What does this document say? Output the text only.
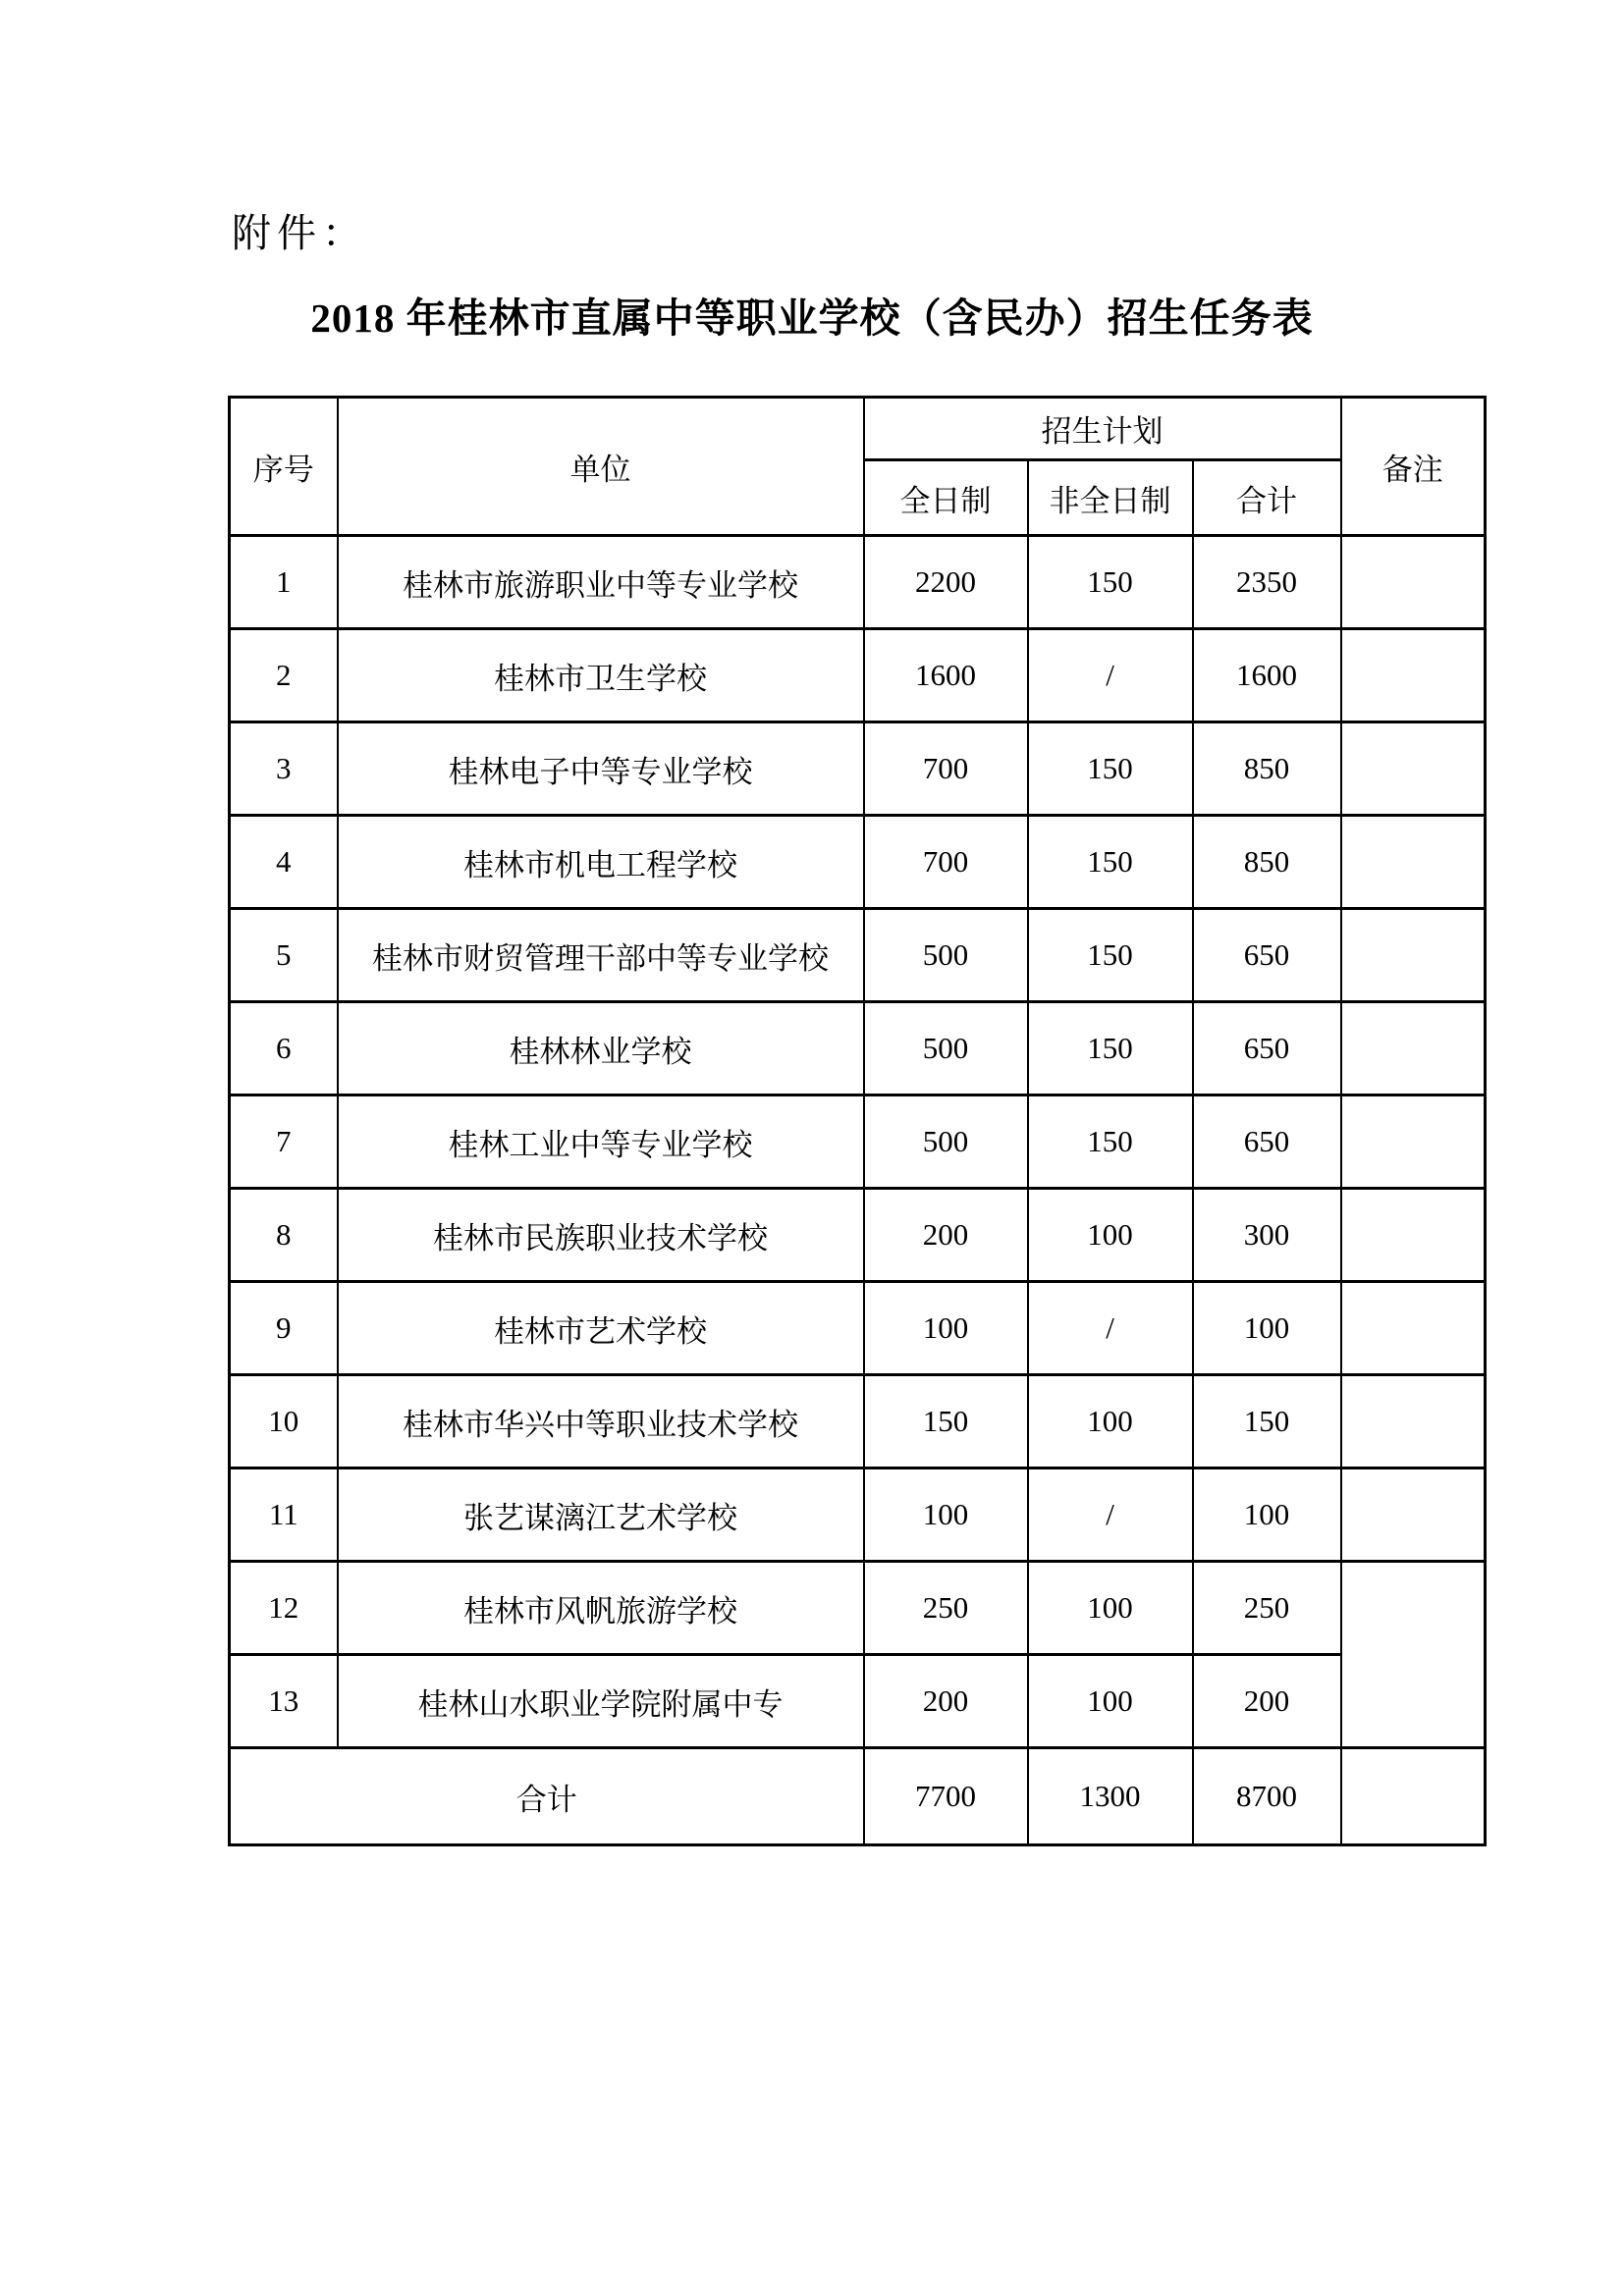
附件：
2018 年桂林市直属中等职业学校（含民办）招生任务表
序号	单位	招生计划			备注
		全日制	非全日制	合计	
1	桂林市旅游职业中等专业学校	2200	150	2350	
2	桂林市卫生学校	1600	/	1600	
3	桂林电子中等专业学校	700	150	850	
4	桂林市机电工程学校	700	150	850	
5	桂林市财贸管理干部中等专业学校	500	150	650	
6	桂林林业学校	500	150	650	
7	桂林工业中等专业学校	500	150	650	
8	桂林市民族职业技术学校	200	100	300	
9	桂林市艺术学校	100	/	100	
10	桂林市华兴中等职业技术学校	150	100	150	
11	张艺谋漓江艺术学校	100	/	100	
12	桂林市风帆旅游学校	250	100	250	
13	桂林山水职业学院附属中专	200	100	200	
合计		7700	1300	8700	
